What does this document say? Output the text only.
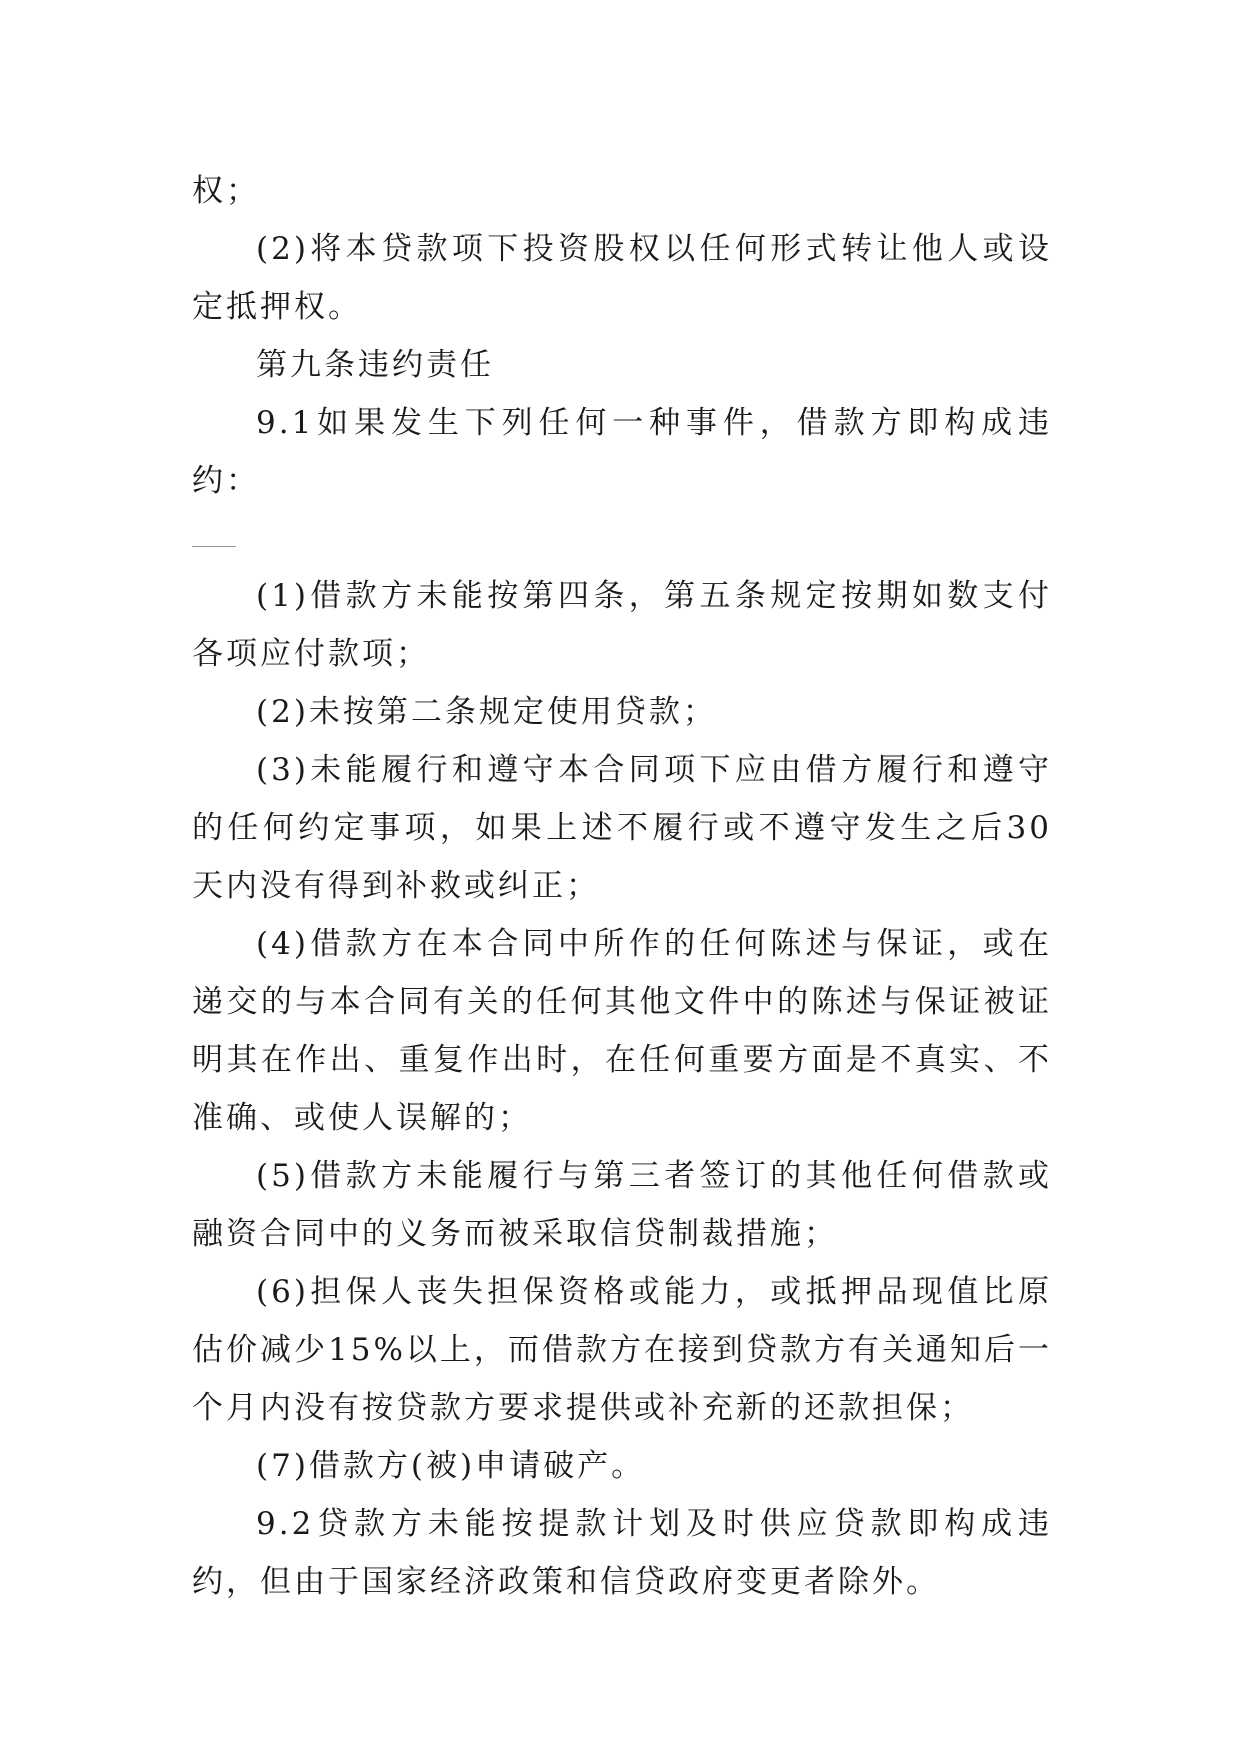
权；

(2)将本贷款项下投资股权以任何形式转让他人或设定抵押权。

第九条违约责任

9.1如果发生下列任何一种事件，借款方即构成违约：

(1)借款方未能按第四条，第五条规定按期如数支付各项应付款项；

(2)未按第二条规定使用贷款；

(3)未能履行和遵守本合同项下应由借方履行和遵守的任何约定事项，如果上述不履行或不遵守发生之后30天内没有得到补救或纠正；

(4)借款方在本合同中所作的任何陈述与保证，或在递交的与本合同有关的任何其他文件中的陈述与保证被证明其在作出、重复作出时，在任何重要方面是不真实、不准确、或使人误解的；

(5)借款方未能履行与第三者签订的其他任何借款或融资合同中的义务而被采取信贷制裁措施；

(6)担保人丧失担保资格或能力，或抵押品现值比原估价减少15%以上，而借款方在接到贷款方有关通知后一个月内没有按贷款方要求提供或补充新的还款担保；

(7)借款方(被)申请破产。

9.2贷款方未能按提款计划及时供应贷款即构成违约，但由于国家经济政策和信贷政府变更者除外。
